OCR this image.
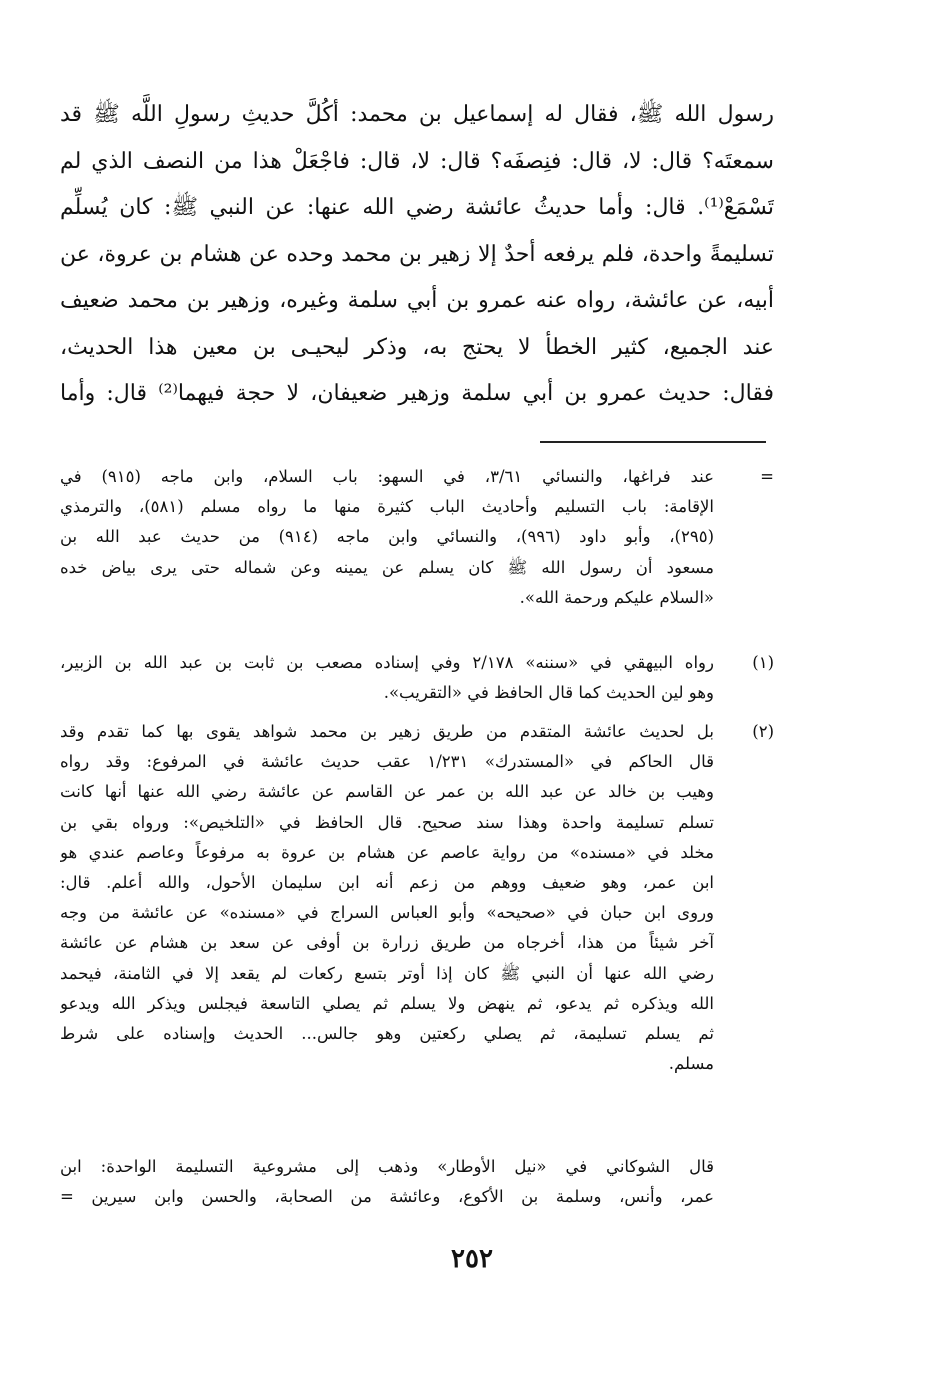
رسول الله ﷺ، فقال له إسماعيل بن محمد: أكُلَّ حديثِ رسولِ اللَّه ﷺ قد
سمعتَه؟ قال: لا، قال: فنِصفَه؟ قال: لا، قال: فاجْعَلْ هذا من النصف الذي لم
تَسْمَعْ⁽¹⁾. قال: وأما حديثُ عائشة رضي الله عنها: عن النبي ﷺ: كان يُسلِّم
تسليمةً واحدة، فلم يرفعه أحدٌ إلا زهير بن محمد وحده عن هشام بن عروة، عن
أبيه، عن عائشة، رواه عنه عمرو بن أبي سلمة وغيره، وزهير بن محمد ضعيف
عند الجميع، كثير الخطأ لا يحتج به، وذكر ليحيـى بن معين هذا الحديث،
فقال: حديث عمرو بن أبي سلمة وزهير ضعيفان، لا حجة فيهما⁽²⁾ قال: وأما
=
عند فراغها، والنسائي ٣/٦١، في السهو: باب السلام، وابن ماجه (٩١٥) في
الإقامة: باب التسليم وأحاديث الباب كثيرة منها ما رواه مسلم (٥٨١)، والترمذي
(٢٩٥)، وأبو داود (٩٩٦)، والنسائي وابن ماجه (٩١٤) من حديث عبد الله بن
مسعود أن رسول الله ﷺ كان يسلم عن يمينه وعن شماله حتى يرى بياض خده
«السلام عليكم ورحمة الله».
(١)
رواه البيهقي في «سننه» ٢/١٧٨ وفي إسناده مصعب بن ثابت بن عبد الله بن الزبير،
وهو لين الحديث كما قال الحافظ في «التقريب».
(٢)
بل لحديث عائشة المتقدم من طريق زهير بن محمد شواهد يقوى بها كما تقدم وقد
قال الحاكم في «المستدرك» ١/٢٣١ عقب حديث عائشة في المرفوع: وقد رواه
وهيب بن خالد عن عبد الله بن عمر عن القاسم عن عائشة رضي الله عنها أنها كانت
تسلم تسليمة واحدة وهذا سند صحيح. قال الحافظ في «التلخيص»: ورواه بقي بن
مخلد في «مسنده» من رواية عاصم عن هشام بن عروة به مرفوعاً وعاصم عندي هو
ابن عمر، وهو ضعيف ووهم من زعم أنه ابن سليمان الأحول، والله أعلم. قال:
وروى ابن حبان في «صحيحه» وأبو العباس السراج في «مسنده» عن عائشة من وجه
آخر شيئاً من هذا، أخرجاه من طريق زرارة بن أوفى عن سعد بن هشام عن عائشة
رضي الله عنها أن النبي ﷺ كان إذا أوتر بتسع ركعات لم يقعد إلا في الثامنة، فيحمد
الله ويذكره ثم يدعو، ثم ينهض ولا يسلم ثم يصلي التاسعة فيجلس ويذكر الله ويدعو
ثم يسلم تسليمة، ثم يصلي ركعتين وهو جالس... الحديث وإسناده على شرط
مسلم.
قال الشوكاني في «نيل الأوطار» وذهب إلى مشروعية التسليمة الواحدة: ابن
عمر، وأنس، وسلمة بن الأكوع، وعائشة من الصحابة، والحسن وابن سيرين =
٢٥٢
